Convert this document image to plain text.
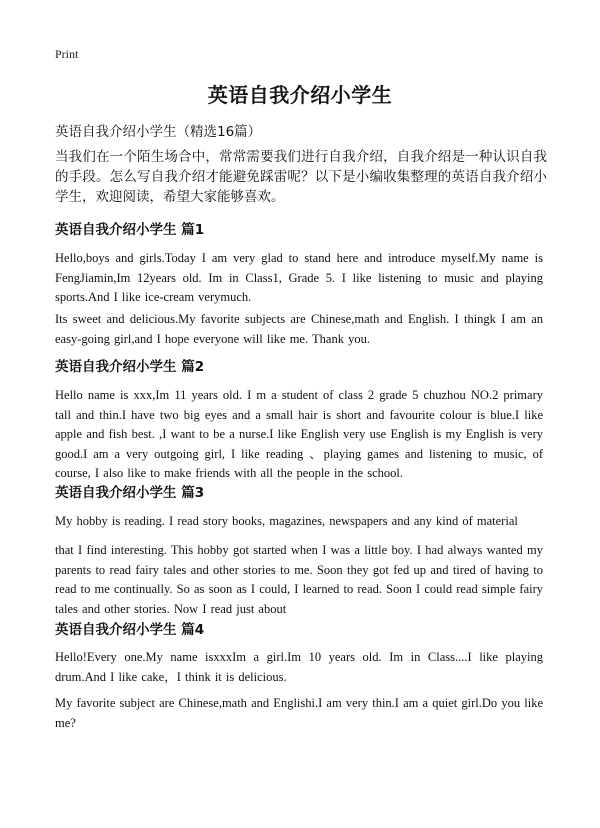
Print
英语自我介绍小学生
英语自我介绍小学生（精选16篇）
当我们在一个陌生场合中，常常需要我们进行自我介绍，自我介绍是一种认识自我的手段。怎么写自我介绍才能避免踩雷呢？以下是小编收集整理的英语自我介绍小学生，欢迎阅读，希望大家能够喜欢。
英语自我介绍小学生 篇1
Hello,boys and girls.Today I am very glad to stand here and introduce myself.My name is FengJiamin,Im 12years old. Im in Class1, Grade 5. I like listening to music and playing sports.And I like ice-cream verymuch.
Its sweet and delicious.My favorite subjects are Chinese,math and English. I thingk I am an easy-going girl,and I hope everyone will like me. Thank you.
英语自我介绍小学生 篇2
Hello name is xxx,Im 11 years old. I m a student of class 2 grade 5 chuzhou NO.2 primary tall and thin.I have two big eyes and a small hair is short and favourite colour is blue.I like apple and fish best. ,I want to be a nurse.I like English very use English is my English is very good.I am a very outgoing girl, I like reading 、playing games and listening to music, of course, I also like to make friends with all the people in the school.
英语自我介绍小学生 篇3
My hobby is reading. I read story books, magazines, newspapers and any kind of material
that I find interesting. This hobby got started when I was a little boy. I had always wanted my parents to read fairy tales and other stories to me. Soon they got fed up and tired of having to read to me continually. So as soon as I could, I learned to read. Soon I could read simple fairy tales and other stories. Now I read just about
英语自我介绍小学生 篇4
Hello!Every one.My name isxxxIm a girl.Im 10 years old. Im in Class....I like playing drum.And I like cake，I think it is delicious.
My favorite subject are Chinese,math and Englishi.I am very thin.I am a quiet girl.Do you like me?
